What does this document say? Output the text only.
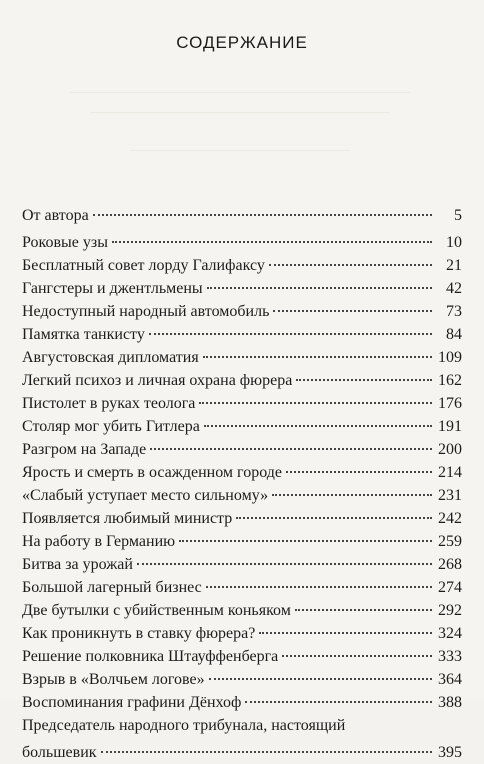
СОДЕРЖАНИЕ
От автора	5
Роковые узы	10
Бесплатный совет лорду Галифаксу	21
Гангстеры и джентльмены	42
Недоступный народный автомобиль	73
Памятка танкисту	84
Августовская дипломатия	109
Легкий психоз и личная охрана фюрера	162
Пистолет в руках теолога	176
Столяр мог убить Гитлера	191
Разгром на Западе	200
Ярость и смерть в осажденном городе	214
«Слабый уступает место сильному»	231
Появляется любимый министр	242
На работу в Германию	259
Битва за урожай	268
Большой лагерный бизнес	274
Две бутылки с убийственным коньяком	292
Как проникнуть в ставку фюрера?	324
Решение полковника Штауффенберга	333
Взрыв в «Волчьем логове»	364
Воспоминания графини Дёнхоф	388
Председатель народного трибунала, настоящий
большевик	395
